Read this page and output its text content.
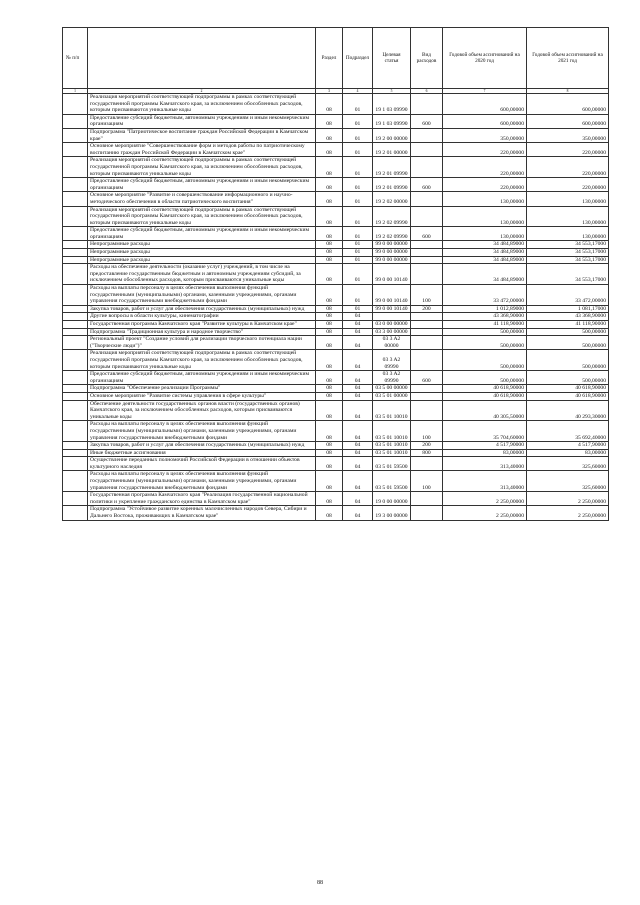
№ п/п		Раздел	Подраздел	Целевая статья	Вид расходов	Годовой объем ассигнований на 2020 год	Годовой объем ассигнований на 2021 год
1	2	3	4	5	6	7	8
	Реализация мероприятий соответствующей подпрограммы в рамках соответствующей государственной программы Камчатского края, за исключением обособленных расходов, которым присваиваются уникальные коды	08	01	19 1 03 09990		600,00000	600,00000
	Предоставление субсидий бюджетным, автономным учреждениям и иным некоммерческим организациям	08	01	19 1 03 09990	600	600,00000	600,00000
	Подпрограмма "Патриотическое воспитание граждан Российской Федерации в Камчатском крае"	08	01	19 2 00 00000		350,00000	350,00000
	Основное мероприятие "Совершенствование форм и методов работы по патриотическому воспитанию граждан Российской Федерации в Камчатском крае"	08	01	19 2 01 00000		220,00000	220,00000
	Реализация мероприятий соответствующей подпрограммы в рамках соответствующей государственной программы Камчатского края, за исключением обособленных расходов, которым присваиваются уникальные коды	08	01	19 2 01 09990		220,00000	220,00000
	Предоставление субсидий бюджетным, автономным учреждениям и иным некоммерческим организациям	08	01	19 2 01 09990	600	220,00000	220,00000
	Основное мероприятие "Развитие и совершенствование информационного и научно-методического обеспечения в области патриотического воспитания"	08	01	19 2 02 00000		130,00000	130,00000
	Реализация мероприятий соответствующей подпрограммы в рамках соответствующей государственной программы Камчатского края, за исключением обособленных расходов, которым присваиваются уникальные коды	08	01	19 2 02 09990		130,00000	130,00000
	Предоставление субсидий бюджетным, автономным учреждениям и иным некоммерческим организациям	08	01	19 2 02 09990	600	130,00000	130,00000
	Непрограммные расходы	08	01	99 0 00 00000		34 484,89000	34 553,17000
	Непрограммные расходы	08	01	99 0 00 00000		34 484,89000	34 553,17000
	Непрограммные расходы	08	01	99 0 00 00000		34 484,89000	34 553,17000
	Расходы на обеспечение деятельности (оказание услуг) учреждений, в том числе на предоставление государственным бюджетным и автономным учреждениям субсидий, за исключением обособленных расходов, которым присваиваются уникальные коды	08	01	99 0 00 10140		34 484,89000	34 553,17000
	Расходы на выплаты персоналу в целях обеспечения выполнения функций государственными (муниципальными) органами, казенными учреждениями, органами управления государственными внебюджетными фондами	08	01	99 0 00 10140	100	33 472,00000	33 472,00000
	Закупка товаров, работ и услуг для обеспечения государственных (муниципальных) нужд	08	01	99 0 00 10140	200	1 012,89000	1 081,17000
	Другие вопросы в области культуры, кинематографии	08	04			43 368,90000	43 368,90000
	Государственная программа Камчатского края "Развитие культуры в Камчатском крае"	08	04	03 0 00 00000		41 118,90000	41 118,90000
	Подпрограмма "Традиционная культура и народное творчество"	08	04	03 3 00 00000		500,00000	500,00000
	Региональный проект "Создание условий для реализации творческого потенциала нации ("Творческие люди")"	08	04	03 3 A2 00000		500,00000	500,00000
	Реализация мероприятий соответствующей подпрограммы в рамках соответствующей государственной программы Камчатского края, за исключением обособленных расходов, которым присваиваются уникальные коды	08	04	03 3 A2 09990		500,00000	500,00000
	Предоставление субсидий бюджетным, автономным учреждениям и иным некоммерческим организациям	08	04	03 3 A2 09990	600	500,00000	500,00000
	Подпрограмма "Обеспечение реализации Программы"	08	04	03 5 00 00000		40 618,90000	40 618,90000
	Основное мероприятие "Развитие системы управления в сфере культуры"	08	04	03 5 01 00000		40 618,90000	40 618,90000
	Обеспечение деятельности государственных органов власти (государственных органов) Камчатского края, за исключением обособленных расходов, которым присваиваются уникальные коды	08	04	03 5 01 10010		40 305,50000	40 293,30000
	Расходы на выплаты персоналу в целях обеспечения выполнения функций государственными (муниципальными) органами, казенными учреждениями, органами управления государственными внебюджетными фондами	08	04	03 5 01 10010	100	35 704,60000	35 692,40000
	Закупка товаров, работ и услуг для обеспечения государственных (муниципальных) нужд	08	04	03 5 01 10010	200	4 517,90000	4 517,90000
	Иные бюджетные ассигнования	08	04	03 5 01 10010	800	83,00000	83,00000
	Осуществление переданных полномочий Российской Федерации в отношении объектов культурного наследия	08	04	03 5 01 59500		313,40000	325,60000
	Расходы на выплаты персоналу в целях обеспечения выполнения функций государственными (муниципальными) органами, казенными учреждениями, органами управления государственными внебюджетными фондами	08	04	03 5 01 59500	100	313,40000	325,60000
	Государственная программа Камчатского края "Реализация государственной национальной политики и укрепление гражданского единства в Камчатском крае"	08	04	19 0 00 00000		2 250,00000	2 250,00000
	Подпрограмма "Устойчивое развитие коренных малочисленных народов Севера, Сибири и Дальнего Востока, проживающих в Камчатском крае"	08	04	19 3 00 00000		2 250,00000	2 250,00000
88
